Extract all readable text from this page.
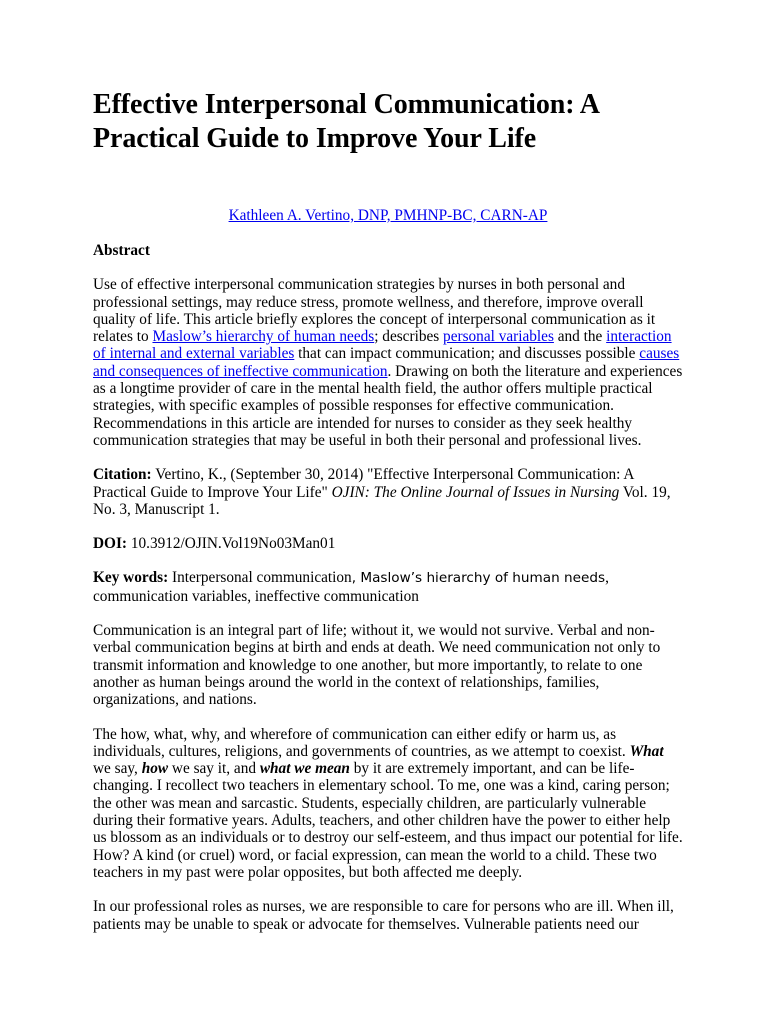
Effective Interpersonal Communication: A Practical Guide to Improve Your Life
Kathleen A. Vertino, DNP, PMHNP-BC, CARN-AP

Abstract

Use of effective interpersonal communication strategies by nurses in both personal and professional settings, may reduce stress, promote wellness, and therefore, improve overall quality of life. This article briefly explores the concept of interpersonal communication as it relates to Maslow’s hierarchy of human needs; describes personal variables and the interaction of internal and external variables that can impact communication; and discusses possible causes and consequences of ineffective communication. Drawing on both the literature and experiences as a longtime provider of care in the mental health field, the author offers multiple practical strategies, with specific examples of possible responses for effective communication. Recommendations in this article are intended for nurses to consider as they seek healthy communication strategies that may be useful in both their personal and professional lives.

Citation: Vertino, K., (September 30, 2014) "Effective Interpersonal Communication: A Practical Guide to Improve Your Life" OJIN: The Online Journal of Issues in Nursing Vol. 19, No. 3, Manuscript 1.

DOI: 10.3912/OJIN.Vol19No03Man01

Key words: Interpersonal communication, Maslow’s hierarchy of human needs, communication variables, ineffective communication

Communication is an integral part of life; without it, we would not survive. Verbal and non-verbal communication begins at birth and ends at death. We need communication not only to transmit information and knowledge to one another, but more importantly, to relate to one another as human beings around the world in the context of relationships, families, organizations, and nations.

The how, what, why, and wherefore of communication can either edify or harm us, as individuals, cultures, religions, and governments of countries, as we attempt to coexist. What we say, how we say it, and what we mean by it are extremely important, and can be life-changing. I recollect two teachers in elementary school. To me, one was a kind, caring person; the other was mean and sarcastic. Students, especially children, are particularly vulnerable during their formative years. Adults, teachers, and other children have the power to either help us blossom as an individuals or to destroy our self-esteem, and thus impact our potential for life. How? A kind (or cruel) word, or facial expression, can mean the world to a child. These two teachers in my past were polar opposites, but both affected me deeply.

In our professional roles as nurses, we are responsible to care for persons who are ill. When ill, patients may be unable to speak or advocate for themselves. Vulnerable patients need our
